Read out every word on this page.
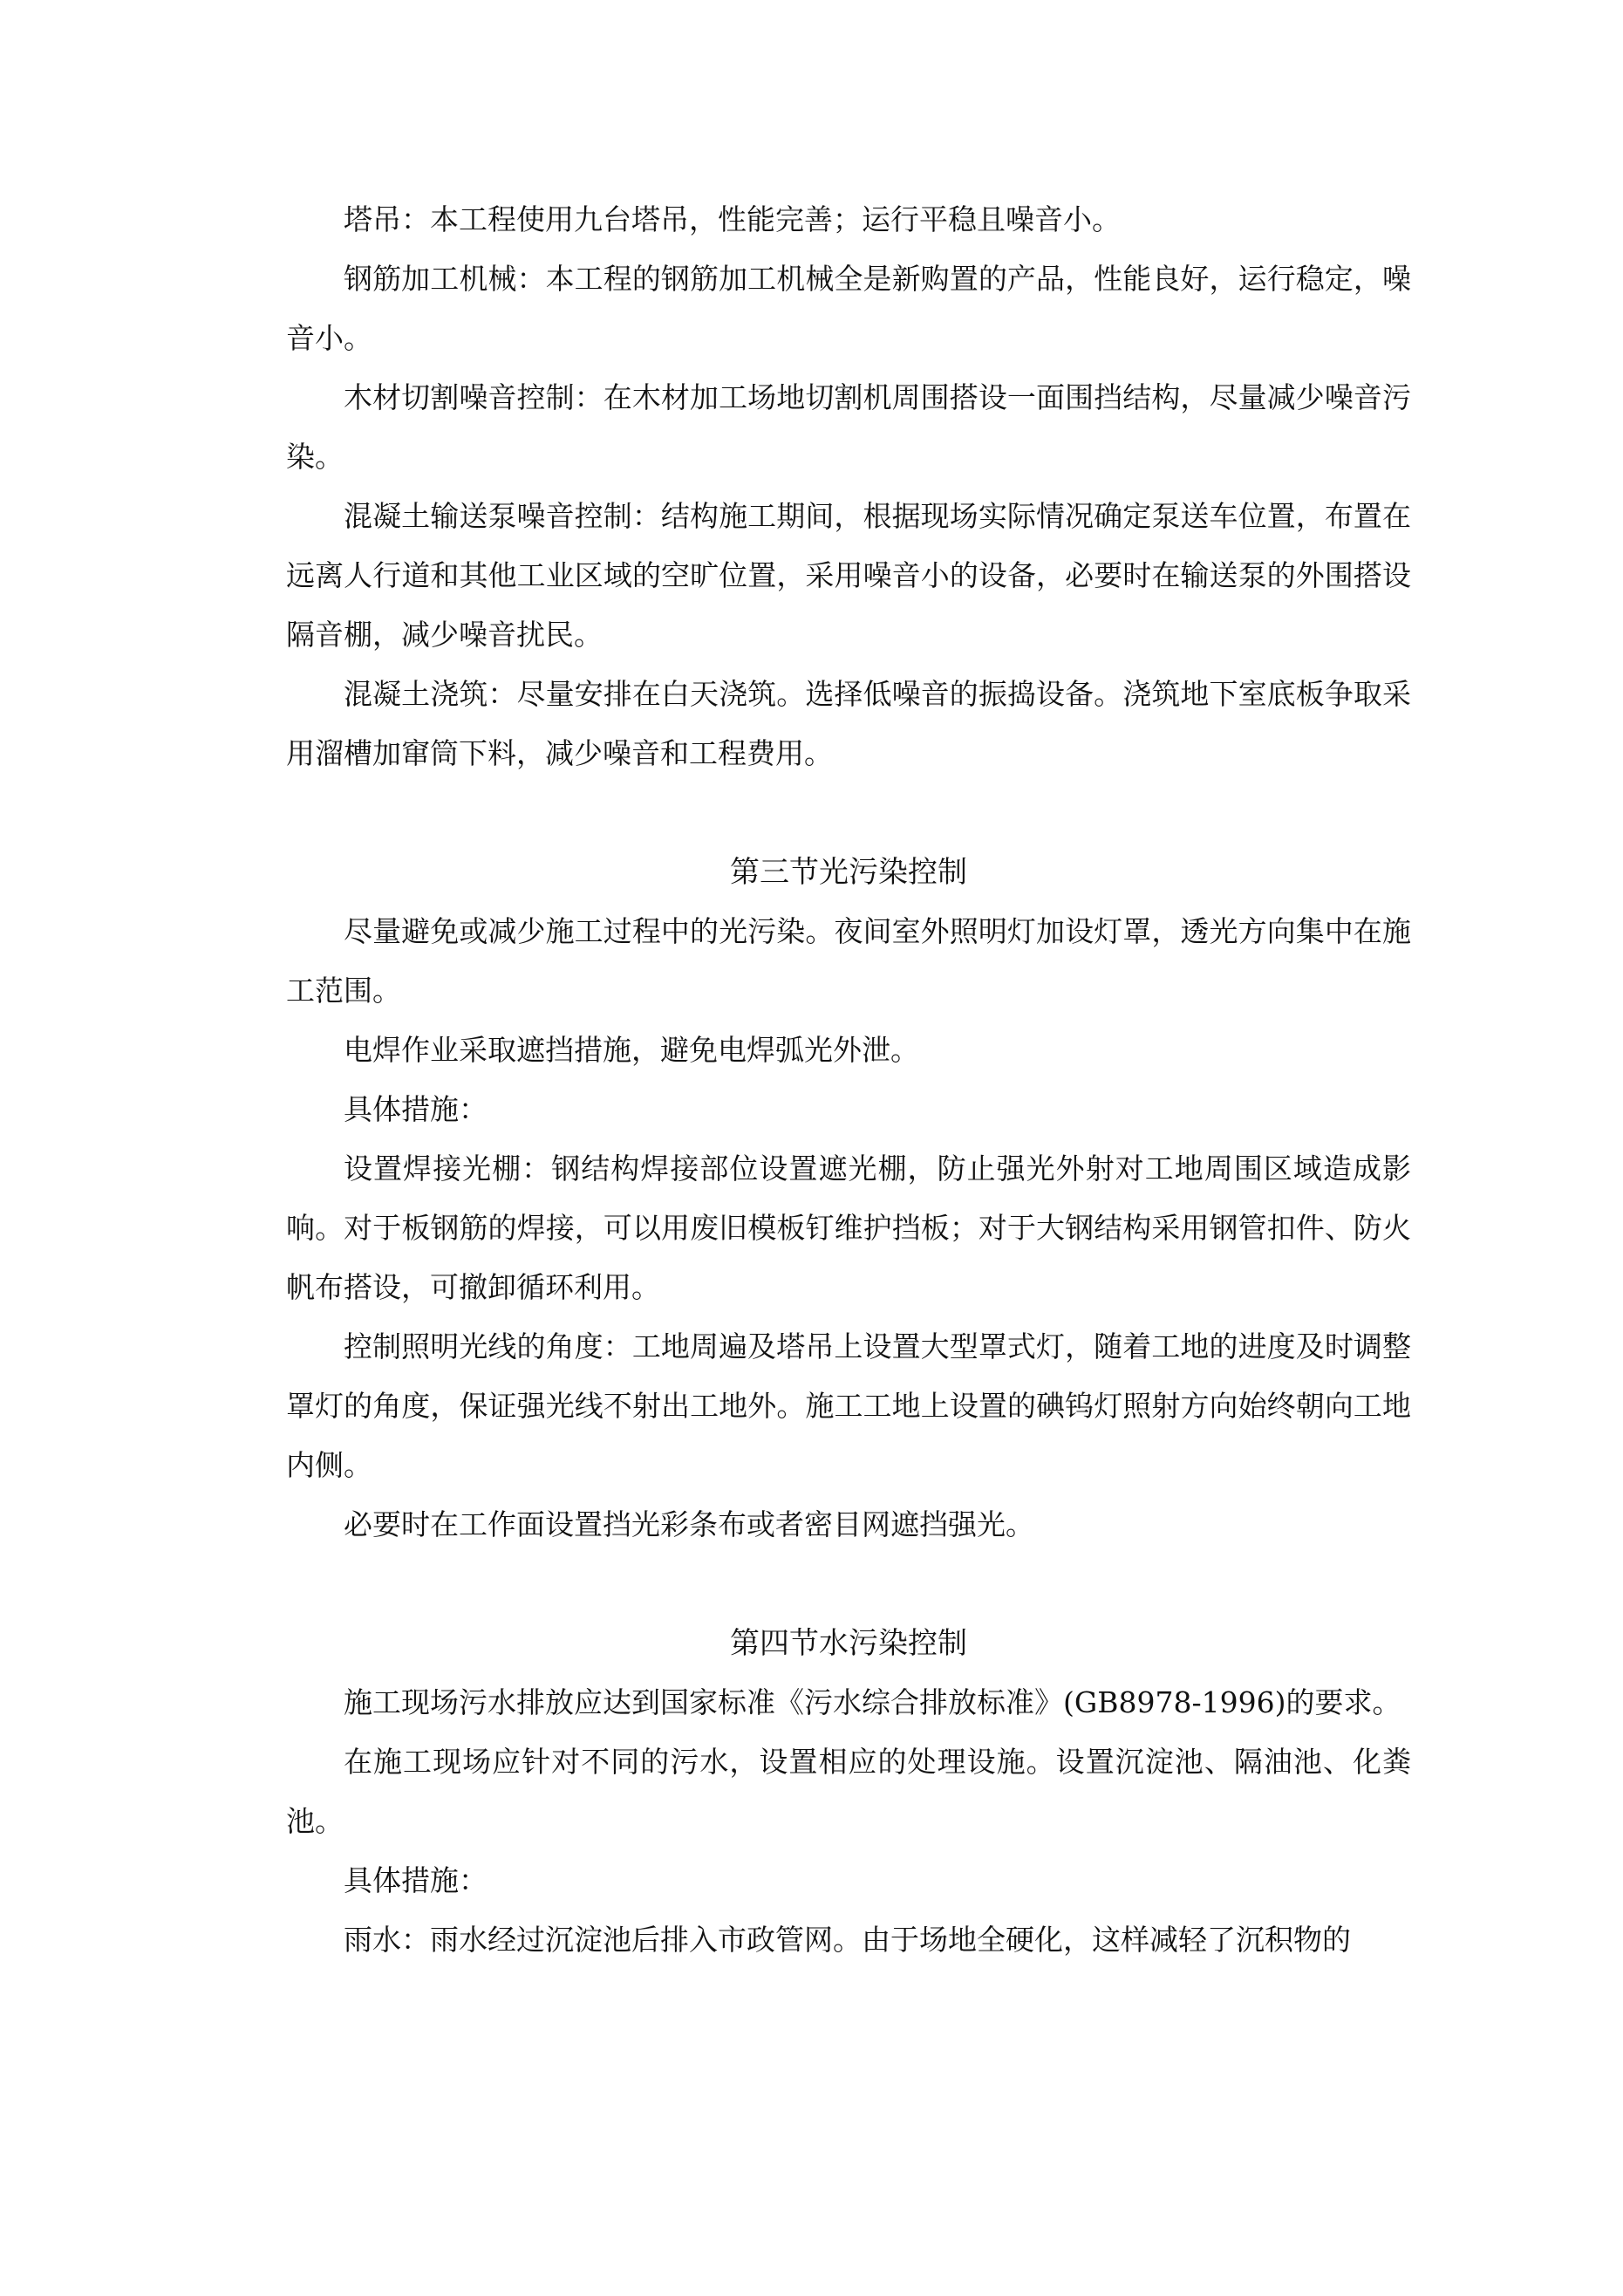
塔吊：本工程使用九台塔吊，性能完善；运行平稳且噪音小。

钢筋加工机械：本工程的钢筋加工机械全是新购置的产品，性能良好，运行稳定，噪音小。

木材切割噪音控制：在木材加工场地切割机周围搭设一面围挡结构，尽量减少噪音污染。

混凝土输送泵噪音控制：结构施工期间，根据现场实际情况确定泵送车位置，布置在远离人行道和其他工业区域的空旷位置，采用噪音小的设备，必要时在输送泵的外围搭设隔音棚，减少噪音扰民。

混凝土浇筑：尽量安排在白天浇筑。选择低噪音的振捣设备。浇筑地下室底板争取采用溜槽加窜筒下料，减少噪音和工程费用。

第三节光污染控制

尽量避免或减少施工过程中的光污染。夜间室外照明灯加设灯罩，透光方向集中在施工范围。

电焊作业采取遮挡措施，避免电焊弧光外泄。

具体措施：

设置焊接光棚：钢结构焊接部位设置遮光棚，防止强光外射对工地周围区域造成影响。对于板钢筋的焊接，可以用废旧模板钉维护挡板；对于大钢结构采用钢管扣件、防火帆布搭设，可撤卸循环利用。

控制照明光线的角度：工地周遍及塔吊上设置大型罩式灯，随着工地的进度及时调整罩灯的角度，保证强光线不射出工地外。施工工地上设置的碘钨灯照射方向始终朝向工地内侧。

必要时在工作面设置挡光彩条布或者密目网遮挡强光。

第四节水污染控制

施工现场污水排放应达到国家标准《污水综合排放标准》(GB8978-1996)的要求。

在施工现场应针对不同的污水，设置相应的处理设施。设置沉淀池、隔油池、化粪池。

具体措施：

雨水：雨水经过沉淀池后排入市政管网。由于场地全硬化，这样减轻了沉积物的
